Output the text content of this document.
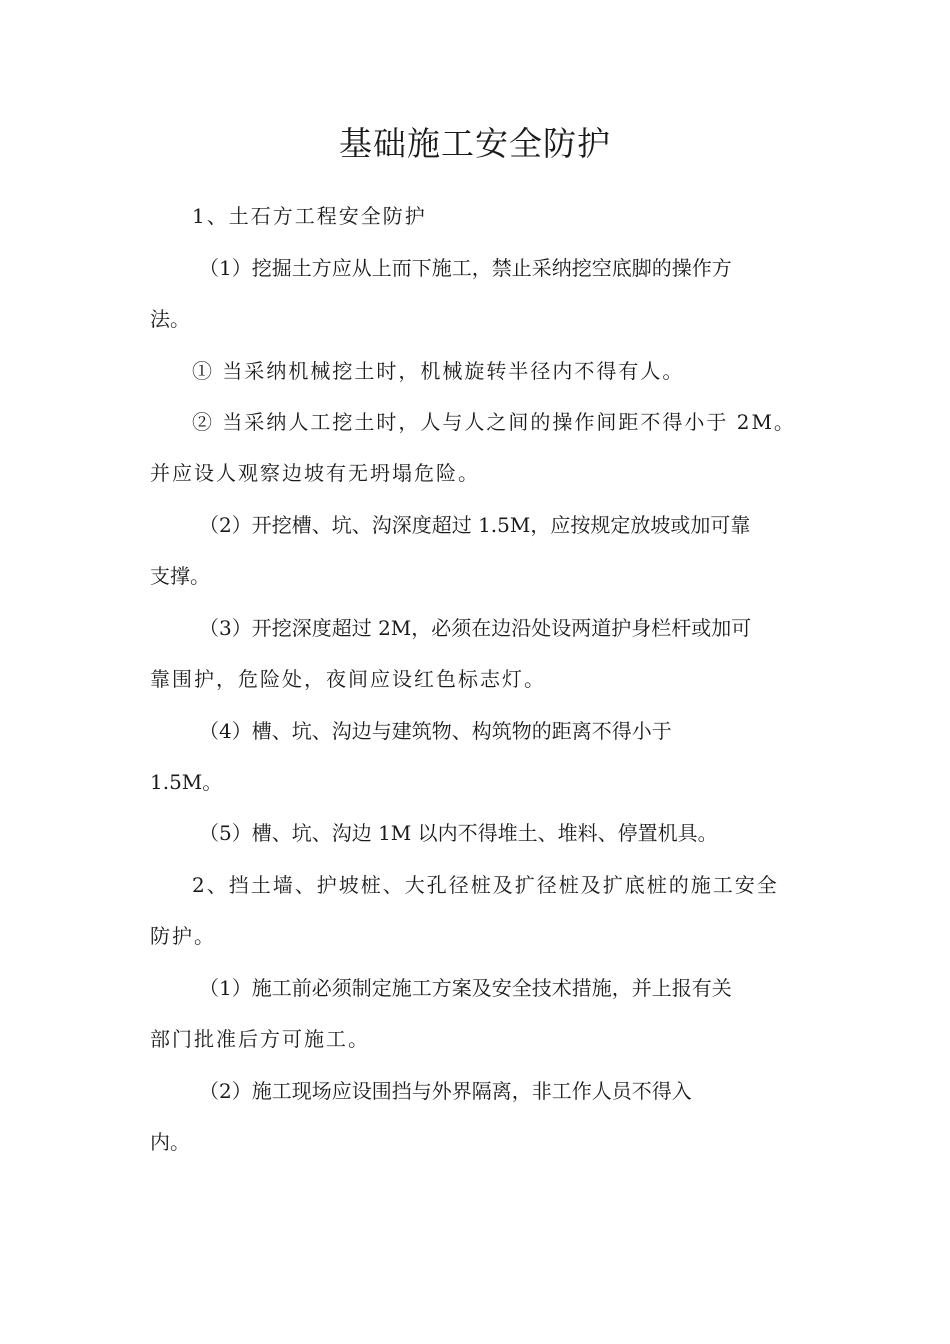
基础施工安全防护

1、土石方工程安全防护

（1）挖掘土方应从上而下施工，禁止采纳挖空底脚的操作方

法。

① 当采纳机械挖土时，机械旋转半径内不得有人。

② 当采纳人工挖土时，人与人之间的操作间距不得小于 2M。

并应设人观察边坡有无坍塌危险。

（2）开挖槽、坑、沟深度超过 1.5M，应按规定放坡或加可靠

支撑。

（3）开挖深度超过 2M，必须在边沿处设两道护身栏杆或加可

靠围护，危险处，夜间应设红色标志灯。

（4）槽、坑、沟边与建筑物、构筑物的距离不得小于

1.5M。

（5）槽、坑、沟边 1M 以内不得堆土、堆料、停置机具。

2、挡土墙、护坡桩、大孔径桩及扩径桩及扩底桩的施工安全

防护。

（1）施工前必须制定施工方案及安全技术措施，并上报有关

部门批准后方可施工。

（2）施工现场应设围挡与外界隔离，非工作人员不得入

内。
